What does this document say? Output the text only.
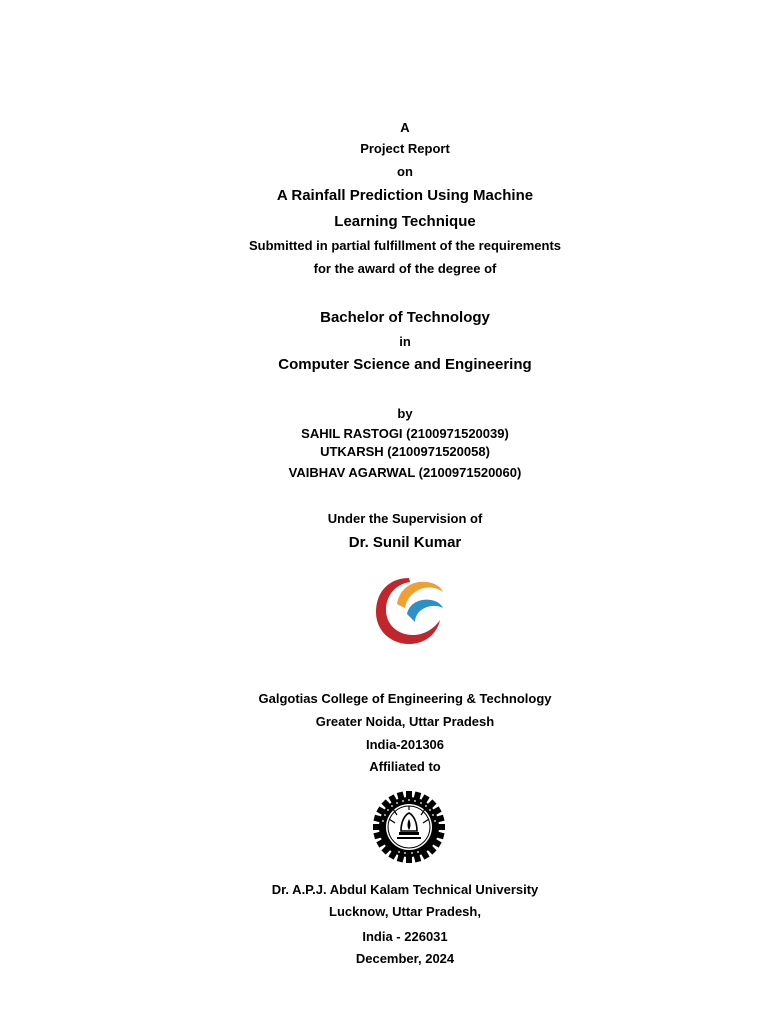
A
Project Report
on
A Rainfall Prediction Using Machine
Learning Technique
Submitted in partial fulfillment of the requirements
for the award of the degree of
Bachelor of Technology
in
Computer Science and Engineering
by
SAHIL RASTOGI (2100971520039)
UTKARSH (2100971520058)
VAIBHAV AGARWAL (2100971520060)
Under the Supervision of
Dr. Sunil Kumar
Galgotias College of Engineering & Technology
Greater Noida, Uttar Pradesh
India-201306
Affiliated to
Dr. A.P.J. Abdul Kalam Technical University
Lucknow, Uttar Pradesh,
India - 226031
December, 2024
